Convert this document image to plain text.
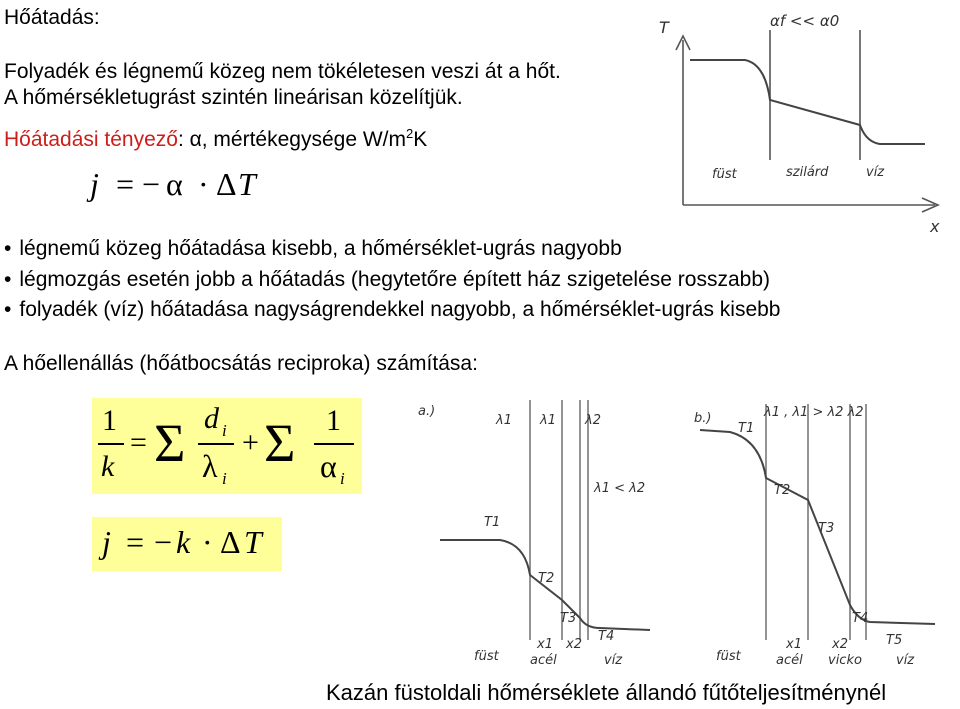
Hőátadás:
Folyadék és légnemű közeg nem tökéletesen veszi át a hőt.
A hőmérsékletugrást szintén lineárisan közelítjük.
Hőátadási tényező: α, mértékegysége $W/m^2K$
j = − α · Δ T
• légnemű közeg hőátadása kisebb, a hőmérséklet-ugrás nagyobb
• légmozgás esetén jobb a hőátadás (hegytetőre épített ház szigetelése rosszabb)
• folyadék (víz) hőátadása nagyságrendekkel nagyobb, a hőmérséklet-ugrás kisebb
A hőellenállás (hőátbocsátás reciproka) számítása:
1
k
= Σ d i
λ i
+ Σ 1
α i
j = − k · Δ T
T
x
αf << α0
füst	szilárd	víz
a.)
λ1 λ1 λ2
λ1 < λ2
T1
T2
T3
T4
füst
x1
acél
x2
víz
b.)	λ1 , λ1 > λ2 λ2
T1
T2
T3
T4
T5
füst
x1
acél
x2
vicko	víz
Kazán füstoldali hőmérséklete állandó fűtőteljesítménynél
